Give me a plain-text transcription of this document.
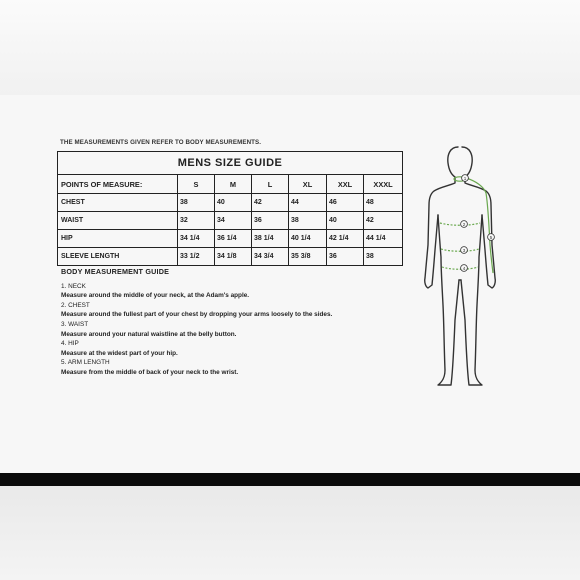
THE MEASUREMENTS GIVEN REFER TO BODY MEASUREMENTS.
MENS SIZE GUIDE						
POINTS OF MEASURE:	S	M	L	XL	XXL	XXXL
CHEST	38	40	42	44	46	48
WAIST	32	34	36	38	40	42
HIP	34 1/4	36 1/4	38 1/4	40 1/4	42 1/4	44 1/4
SLEEVE LENGTH	33 1/2	34 1/8	34 3/4	35 3/8	36	38
BODY MEASUREMENT GUIDE
1. NECK
Measure around the middle of your neck, at the Adam's apple.
2. CHEST
Measure around the fullest part of your chest by dropping your arms loosely to the sides.
3. WAIST
Measure around your natural waistline at the belly button.
4. HIP
Measure at the widest part of your hip.
5. ARM LENGTH
Measure from the middle of back of your neck to the wrist.
1
2
3
4
5
